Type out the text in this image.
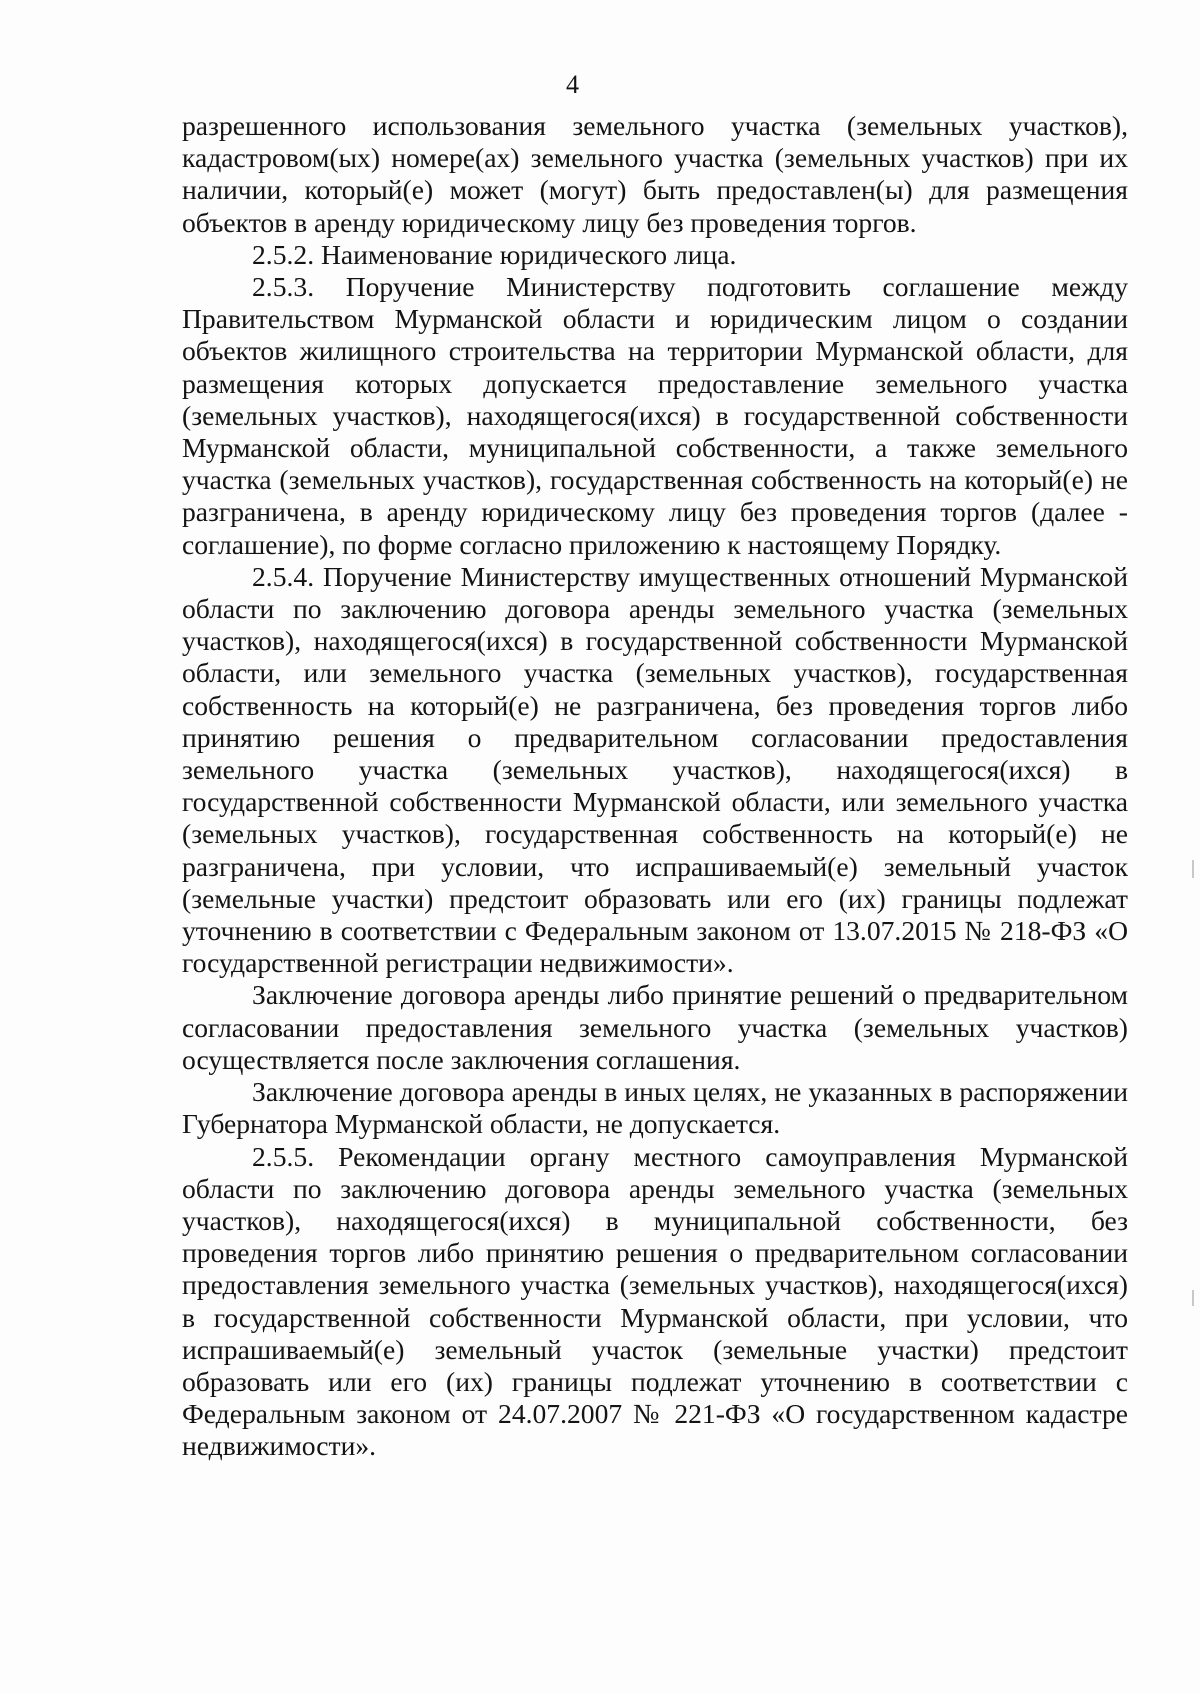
4

разрешенного использования земельного участка (земельных участков), кадастровом(ых) номере(ах) земельного участка (земельных участков) при их наличии, который(е) может (могут) быть предоставлен(ы) для размещения объектов в аренду юридическому лицу без проведения торгов.

2.5.2. Наименование юридического лица.

2.5.3. Поручение Министерству подготовить соглашение между Правительством Мурманской области и юридическим лицом о создании объектов жилищного строительства на территории Мурманской области, для размещения которых допускается предоставление земельного участка (земельных участков), находящегося(ихся) в государственной собственности Мурманской области, муниципальной собственности, а также земельного участка (земельных участков), государственная собственность на который(е) не разграничена, в аренду юридическому лицу без проведения торгов (далее - соглашение), по форме согласно приложению к настоящему Порядку.

2.5.4. Поручение Министерству имущественных отношений Мурманской области по заключению договора аренды земельного участка (земельных участков), находящегося(ихся) в государственной собственности Мурманской области, или земельного участка (земельных участков), государственная собственность на который(е) не разграничена, без проведения торгов либо принятию решения о предварительном согласовании предоставления земельного участка (земельных участков), находящегося(ихся) в государственной собственности Мурманской области, или земельного участка (земельных участков), государственная собственность на который(е) не разграничена, при условии, что испрашиваемый(е) земельный участок (земельные участки) предстоит образовать или его (их) границы подлежат уточнению в соответствии с Федеральным законом от 13.07.2015 № 218-ФЗ «О государственной регистрации недвижимости».

Заключение договора аренды либо принятие решений о предварительном согласовании предоставления земельного участка (земельных участков) осуществляется после заключения соглашения.

Заключение договора аренды в иных целях, не указанных в распоряжении Губернатора Мурманской области, не допускается.

2.5.5. Рекомендации органу местного самоуправления Мурманской области по заключению договора аренды земельного участка (земельных участков), находящегося(ихся) в муниципальной собственности, без проведения торгов либо принятию решения о предварительном согласовании предоставления земельного участка (земельных участков), находящегося(ихся) в государственной собственности Мурманской области, при условии, что испрашиваемый(е) земельный участок (земельные участки) предстоит образовать или его (их) границы подлежат уточнению в соответствии с Федеральным законом от 24.07.2007 № 221-ФЗ «О государственном кадастре недвижимости».
